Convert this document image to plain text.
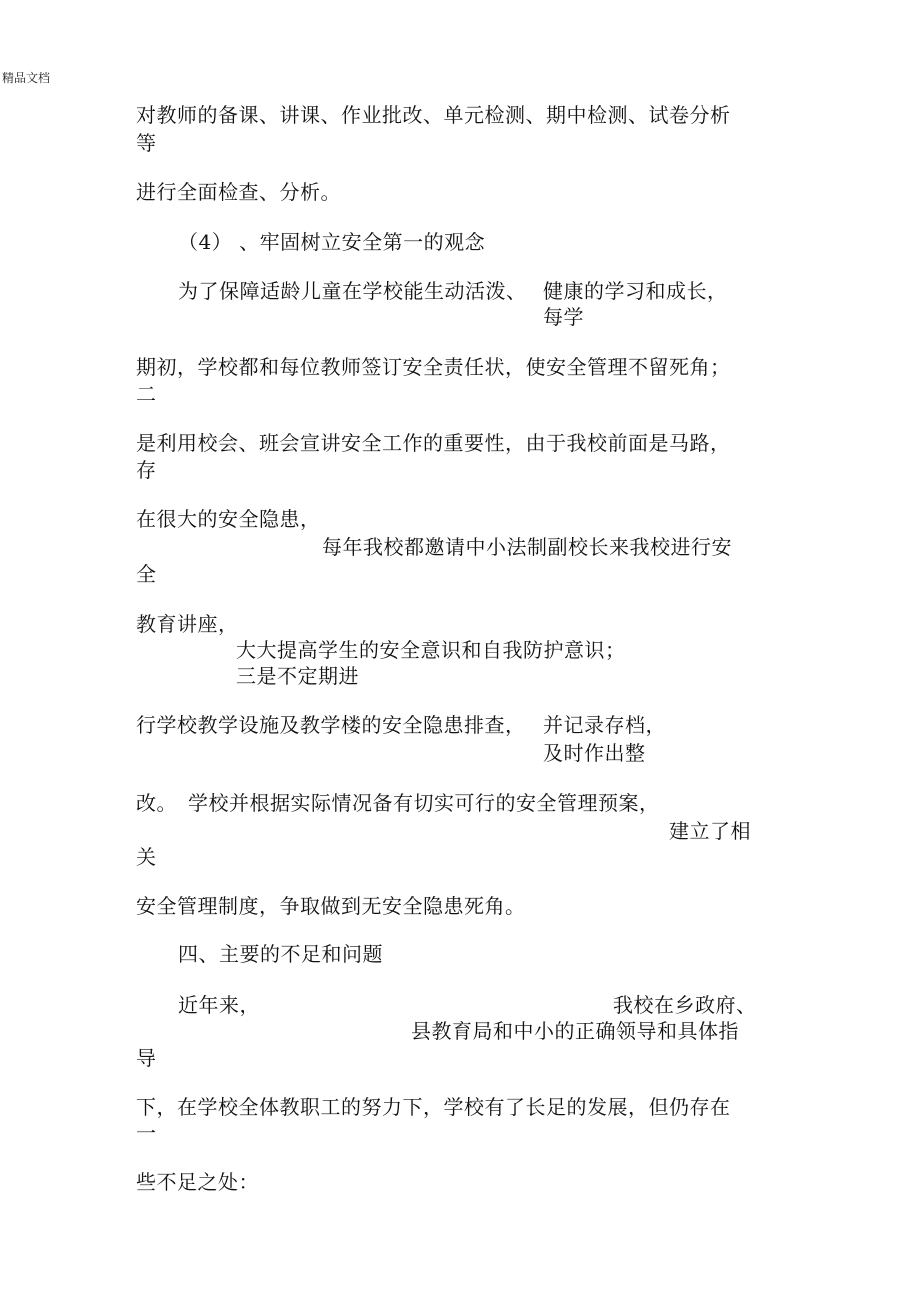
精品文档
对教师的备课、讲课、作业批改、单元检测、期中检测、试卷分析
等
进行全面检查、分析。
（4） 、牢固树立安全第一的观念
为了保障适龄儿童在学校能生动活泼、 健康的学习和成长，
每学
期初，学校都和每位教师签订安全责任状，使安全管理不留死角；
二
是利用校会、班会宣讲安全工作的重要性，由于我校前面是马路，
存
在很大的安全隐患，
每年我校都邀请中小法制副校长来我校进行安
全
教育讲座，
大大提高学生的安全意识和自我防护意识；
三是不定期进
行学校教学设施及教学楼的安全隐患排查， 并记录存档，
及时作出整
改。 学校并根据实际情况备有切实可行的安全管理预案，
建立了相
关
安全管理制度，争取做到无安全隐患死角。
四、主要的不足和问题
近年来，	我校在乡政府、
县教育局和中小的正确领导和具体指
导
下，在学校全体教职工的努力下，学校有了长足的发展，但仍存在
一
些不足之处：
